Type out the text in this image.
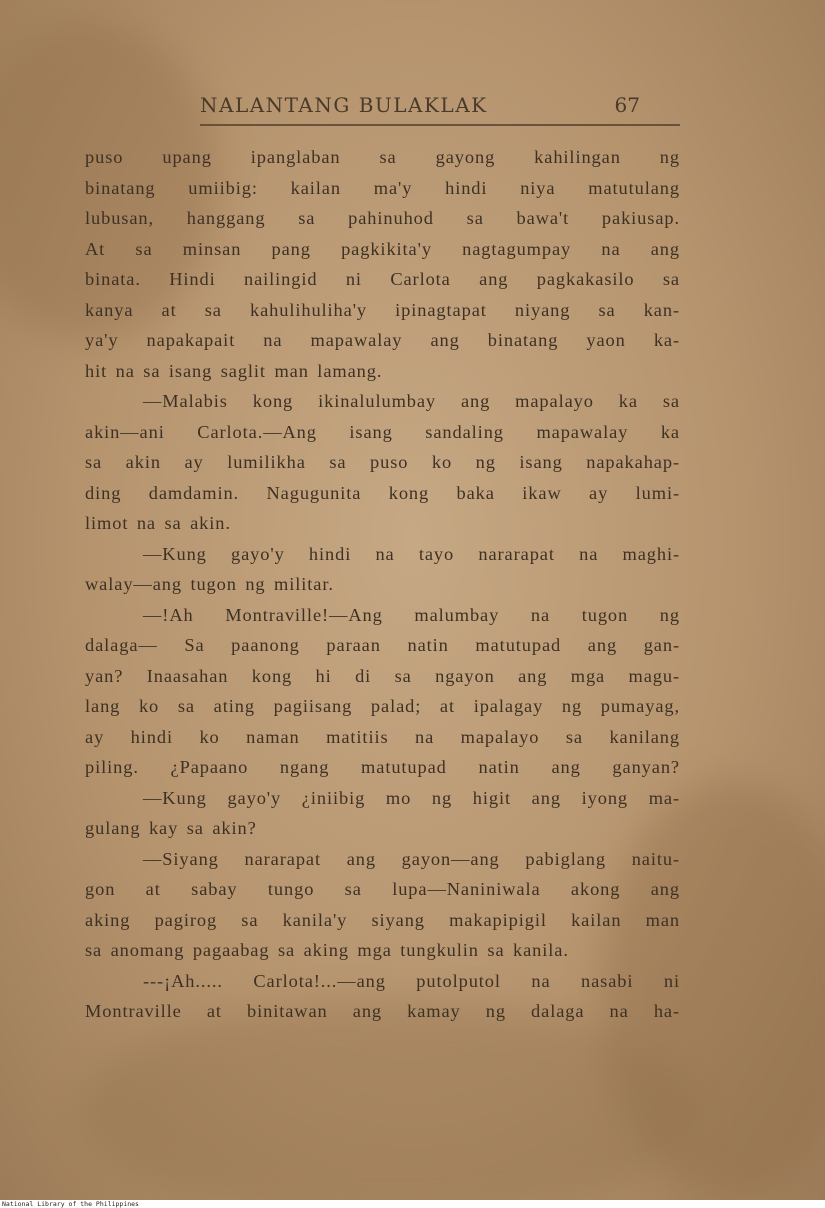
NALANTANG BULAKLAK	67
puso upang ipanglaban sa gayong kahilingan ng
binatang umiibig: kailan ma'y hindi niya matutulang
lubusan, hanggang sa pahinuhod sa bawa't pakiusap.
At sa minsan pang pagkikita'y nagtagumpay na ang
binata. Hindi nailingid ni Carlota ang pagkakasilo sa
kanya at sa kahulihuliha'y ipinagtapat niyang sa kan-
ya'y napakapait na mapawalay ang binatang yaon ka-
hit na sa isang saglit man lamang.
—Malabis kong ikinalulumbay ang mapalayo ka sa
akin—ani Carlota.—Ang isang sandaling mapawalay ka
sa akin ay lumilikha sa puso ko ng isang napakahap-
ding damdamin. Nagugunita kong baka ikaw ay lumi-
limot na sa akin.
—Kung gayo'y hindi na tayo nararapat na maghi-
walay—ang tugon ng militar.
—!Ah Montraville!—Ang malumbay na tugon ng
dalaga— Sa paanong paraan natin matutupad ang gan-
yan? Inaasahan kong hi di sa ngayon ang mga magu-
lang ko sa ating pagiisang palad; at ipalagay ng pumayag,
ay hindi ko naman matitiis na mapalayo sa kanilang
piling. ¿Papaano ngang matutupad natin ang ganyan?
—Kung gayo'y ¿iniibig mo ng higit ang iyong ma-
gulang kay sa akin?
—Siyang nararapat ang gayon—ang pabiglang naitu-
gon at sabay tungo sa lupa—Naniniwala akong ang
aking pagirog sa kanila'y siyang makapipigil kailan man
sa anomang pagaabag sa aking mga tungkulin sa kanila.
---¡Ah..... Carlota!...—ang putolputol na nasabi ni
Montraville at binitawan ang kamay ng dalaga na ha-
National Library of the Philippines
